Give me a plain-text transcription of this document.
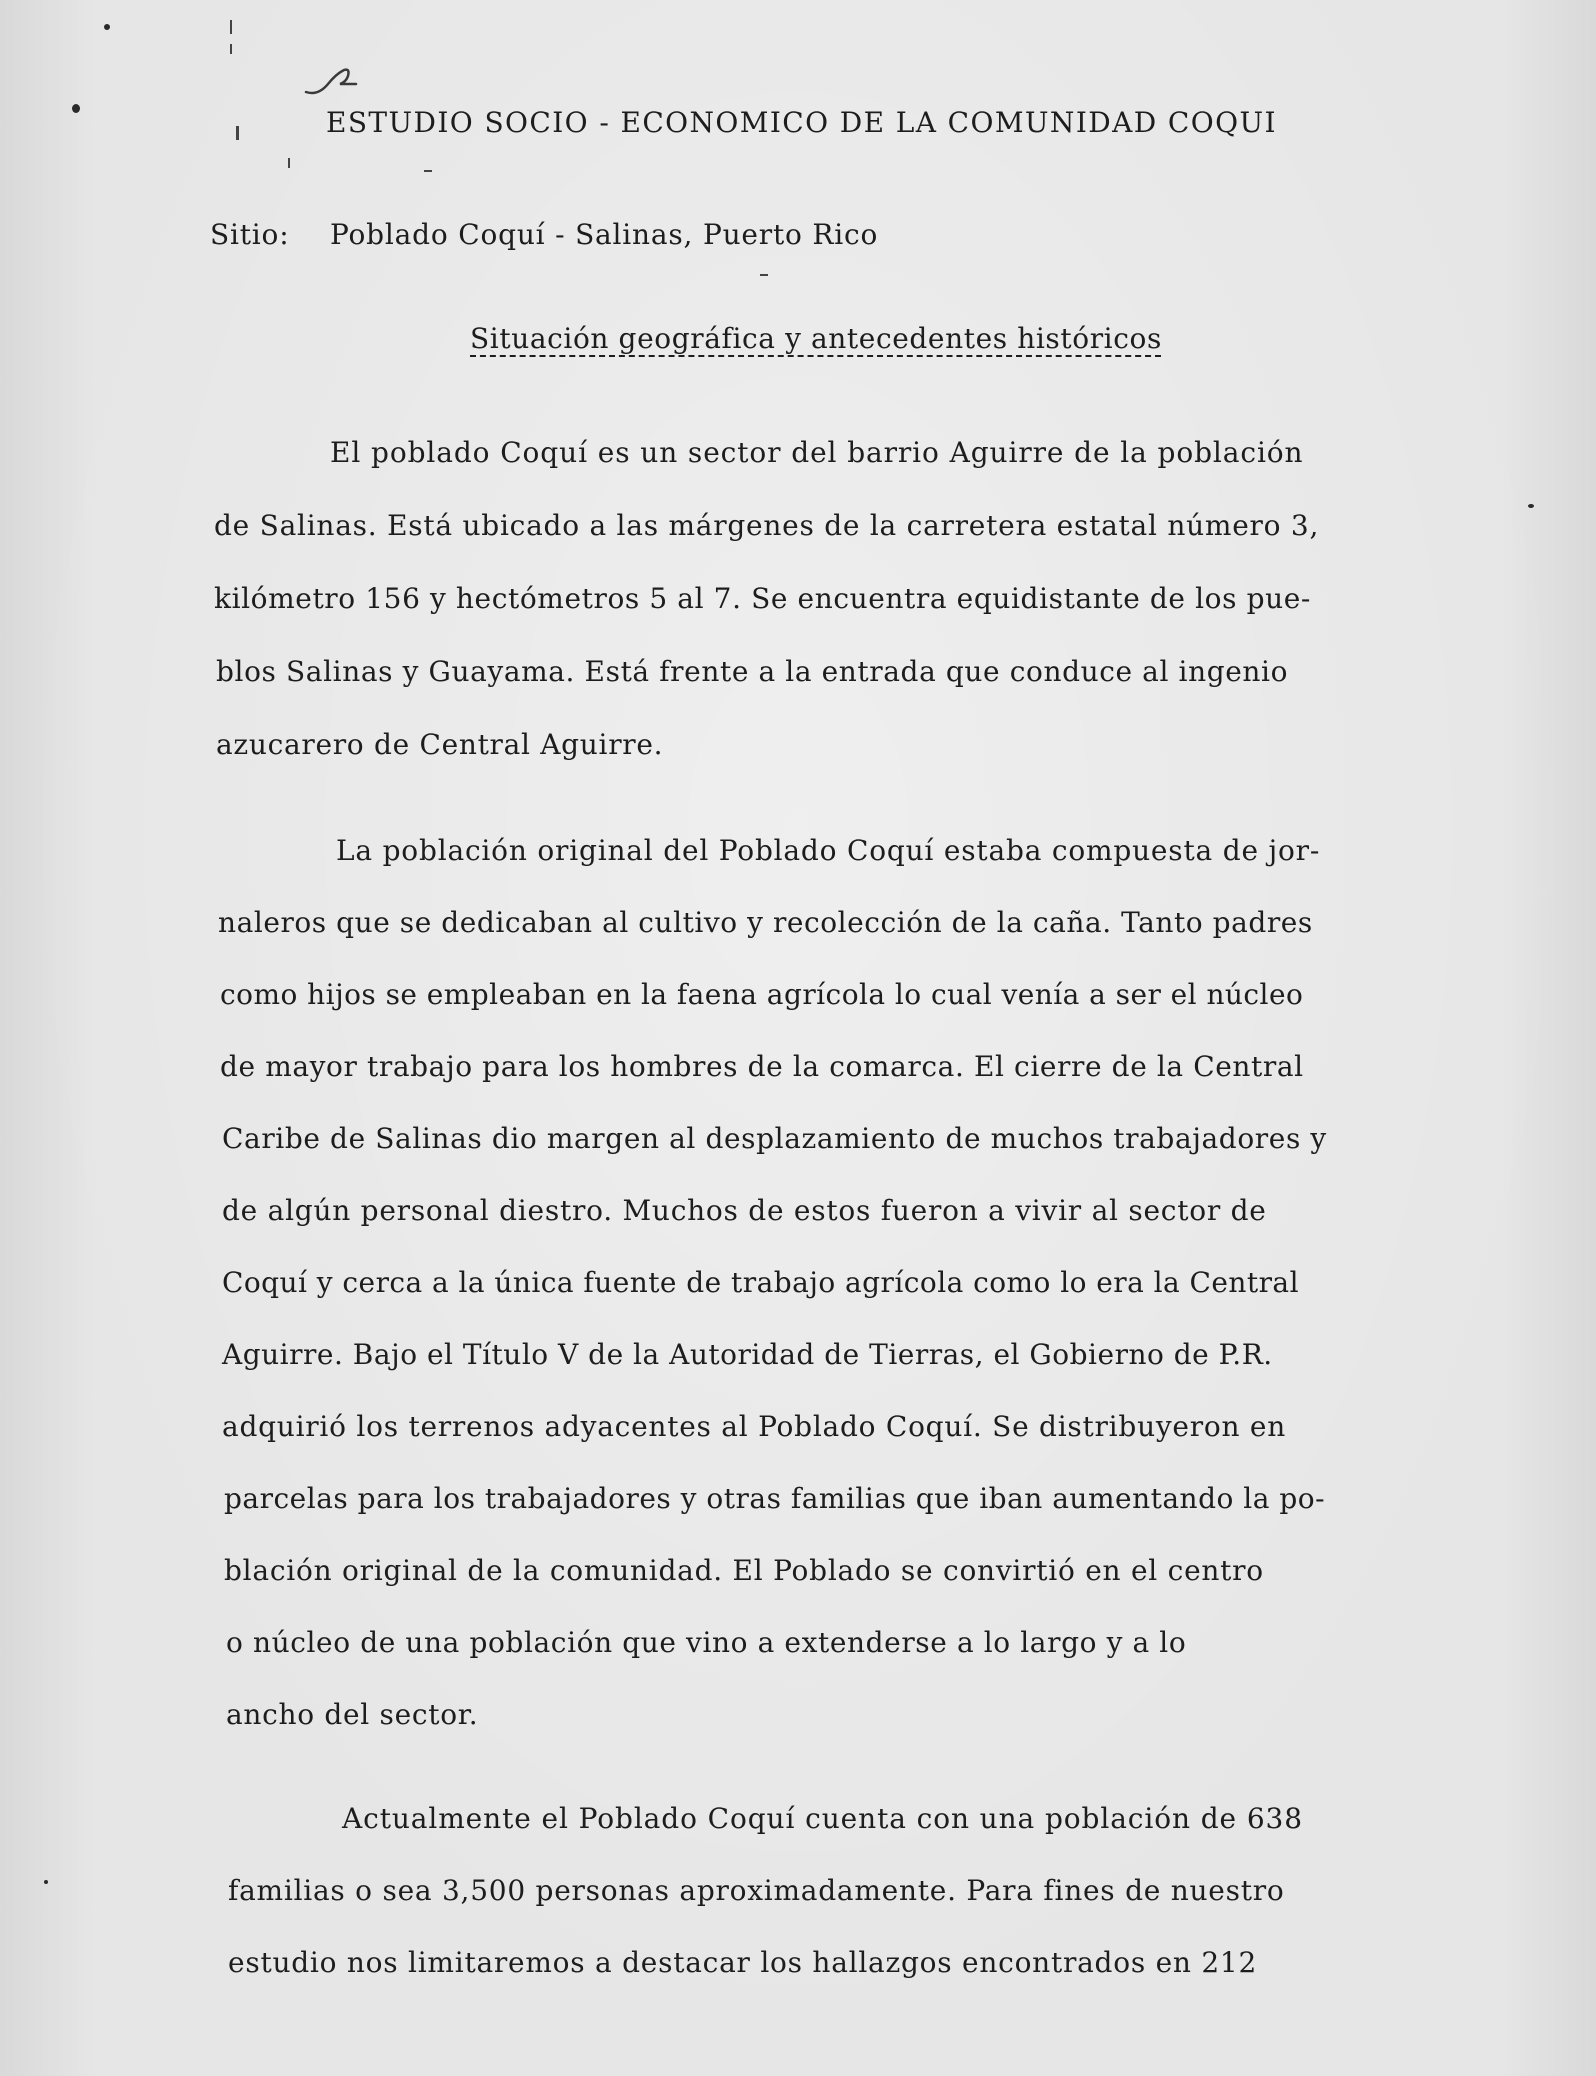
ESTUDIO SOCIO - ECONOMICO DE LA COMUNIDAD COQUI
Sitio: Poblado Coquí - Salinas, Puerto Rico
Situación geográfica y antecedentes históricos
El poblado Coquí es un sector del barrio Aguirre de la población
de Salinas. Está ubicado a las márgenes de la carretera estatal número 3,
kilómetro 156 y hectómetros 5 al 7. Se encuentra equidistante de los pue-
blos Salinas y Guayama. Está frente a la entrada que conduce al ingenio
azucarero de Central Aguirre.
La población original del Poblado Coquí estaba compuesta de jor-
naleros que se dedicaban al cultivo y recolección de la caña. Tanto padres
como hijos se empleaban en la faena agrícola lo cual venía a ser el núcleo
de mayor trabajo para los hombres de la comarca. El cierre de la Central
Caribe de Salinas dio margen al desplazamiento de muchos trabajadores y
de algún personal diestro. Muchos de estos fueron a vivir al sector de
Coquí y cerca a la única fuente de trabajo agrícola como lo era la Central
Aguirre. Bajo el Título V de la Autoridad de Tierras, el Gobierno de P.R.
adquirió los terrenos adyacentes al Poblado Coquí. Se distribuyeron en
parcelas para los trabajadores y otras familias que iban aumentando la po-
blación original de la comunidad. El Poblado se convirtió en el centro
o núcleo de una población que vino a extenderse a lo largo y a lo
ancho del sector.
Actualmente el Poblado Coquí cuenta con una población de 638
familias o sea 3,500 personas aproximadamente. Para fines de nuestro
estudio nos limitaremos a destacar los hallazgos encontrados en 212
